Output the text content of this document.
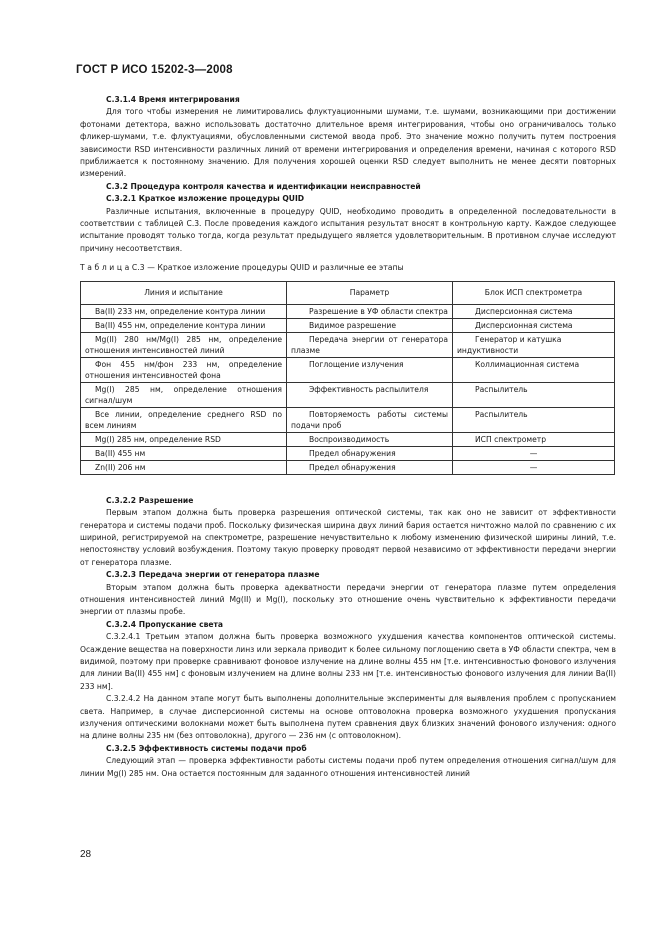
ГОСТ Р ИСО 15202-3—2008
С.3.1.4 Время интегрирования
Для того чтобы измерения не лимитировались флуктуационными шумами, т.е. шумами, возникающими при достижении фотонами детектора, важно использовать достаточно длительное время интегрирования, чтобы оно ограничивалось только фликер-шумами, т.е. флуктуациями, обусловленными системой ввода проб. Это значение можно получить путем построения зависимости RSD интенсивности различных линий от времени интегрирования и определения времени, начиная с которого RSD приближается к постоянному значению. Для получения хорошей оценки RSD следует выполнить не менее десяти повторных измерений.
С.3.2 Процедура контроля качества и идентификации неисправностей
С.3.2.1 Краткое изложение процедуры QUID
Различные испытания, включенные в процедуру QUID, необходимо проводить в определенной последовательности в соответствии с таблицей С.3. После проведения каждого испытания результат вносят в контрольную карту. Каждое следующее испытание проводят только тогда, когда результат предыдущего является удовлетворительным. В противном случае исследуют причину несоответствия.
Т а б л и ц а С.3 — Краткое изложение процедуры QUID и различные ее этапы
Линия и испытание	Параметр	Блок ИСП спектрометра
Ba(II) 233 нм, определение контура линии	Разрешение в УФ области спектра	Дисперсионная система
Ba(II) 455 нм, определение контура линии	Видимое разрешение	Дисперсионная система
Mg(II) 280 нм/Mg(I) 285 нм, определение отношения интенсивностей линий	Передача энергии от генератора плазме	Генератор и катушка индуктивности
Фон 455 нм/фон 233 нм, определение отношения интенсивностей фона	Поглощение излучения	Коллимационная система
Mg(I) 285 нм, определение отношения сигнал/шум	Эффективность распылителя	Распылитель
Все линии, определение среднего RSD по всем линиям	Повторяемость работы системы подачи проб	Распылитель
Mg(I) 285 нм, определение RSD	Воспроизводимость	ИСП спектрометр
Ba(II) 455 нм	Предел обнаружения	—
Zn(II) 206 нм	Предел обнаружения	—
С.3.2.2 Разрешение
Первым этапом должна быть проверка разрешения оптической системы, так как оно не зависит от эффективности генератора и системы подачи проб. Поскольку физическая ширина двух линий бария остается ничтожно малой по сравнению с их шириной, регистрируемой на спектрометре, разрешение нечувствительно к любому изменению физической ширины линий, т.е. непостоянству условий возбуждения. Поэтому такую проверку проводят первой независимо от эффективности передачи энергии от генератора плазме.
С.3.2.3 Передача энергии от генератора плазме
Вторым этапом должна быть проверка адекватности передачи энергии от генератора плазме путем определения отношения интенсивностей линий Mg(II) и Mg(I), поскольку это отношение очень чувствительно к эффективности передачи энергии от плазмы пробе.
С.3.2.4 Пропускание света
С.3.2.4.1 Третьим этапом должна быть проверка возможного ухудшения качества компонентов оптической системы. Осаждение вещества на поверхности линз или зеркала приводит к более сильному поглощению света в УФ области спектра, чем в видимой, поэтому при проверке сравнивают фоновое излучение на длине волны 455 нм [т.е. интенсивностью фонового излучения для линии Ba(II) 455 нм] с фоновым излучением на длине волны 233 нм [т.е. интенсивностью фонового излучения для линии Ba(II) 233 нм].
С.3.2.4.2 На данном этапе могут быть выполнены дополнительные эксперименты для выявления проблем с пропусканием света. Например, в случае дисперсионной системы на основе оптоволокна проверка возможного ухудшения пропускания излучения оптическими волокнами может быть выполнена путем сравнения двух близких значений фонового излучения: одного на длине волны 235 нм (без оптоволокна), другого — 236 нм (с оптоволокном).
С.3.2.5 Эффективность системы подачи проб
Следующий этап — проверка эффективности работы системы подачи проб путем определения отношения сигнал/шум для линии Mg(I) 285 нм. Она остается постоянным для заданного отношения интенсивностей линий
28
